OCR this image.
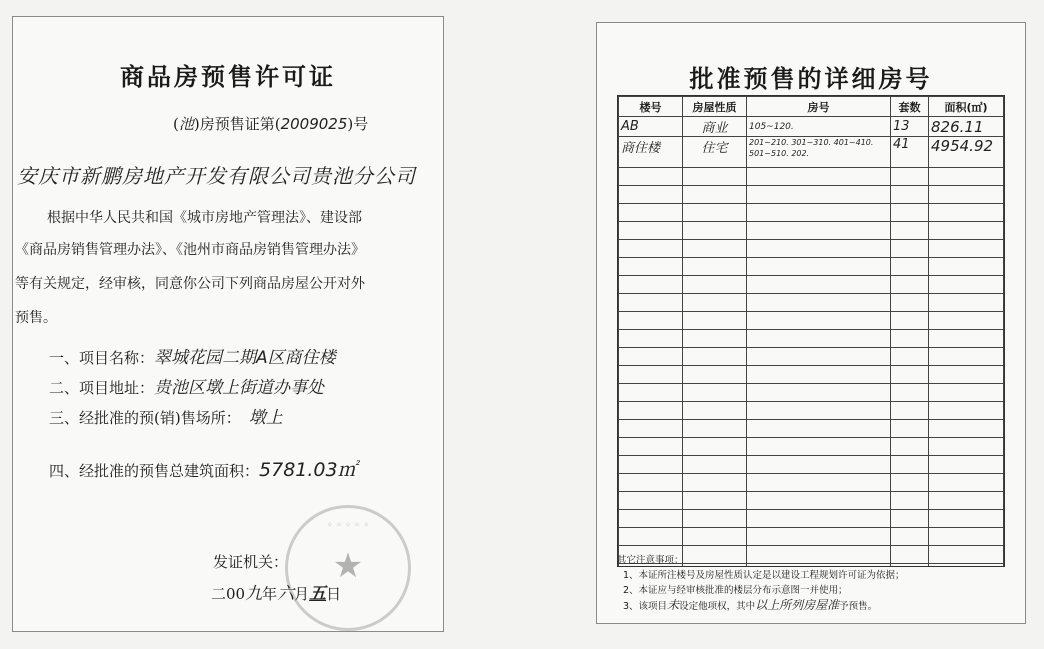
商品房预售许可证
(池)房预售证第(2009025)号
安庆市新鹏房地产开发有限公司贵池分公司
根据中华人民共和国《城市房地产管理法》、建设部
《商品房销售管理办法》、《池州市商品房销售管理办法》
等有关规定，经审核，同意你公司下列商品房屋公开对外
预售。
一、项目名称：翠城花园二期A区商住楼
二、项目地址：贵池区墩上街道办事处
三、经批准的预(销)售场所： 墩上
四、经批准的预售总建筑面积：5781.03㎡
◦ ◦ ◦ ◦ ◦
★
发证机关：
二00九年六月五日
批准预售的详细房号
楼号	房屋性质	房号	套数	面积(㎡)
AB	商业	105~120.	13	826.11
商住楼	住宅	201~210. 301~310. 401~410. 501~510. 202.	41	4954.92

其它注意事项：
1、本证所注楼号及房屋性质认定是以建设工程规划许可证为依据；
2、本证应与经审核批准的楼层分布示意图一并使用；
3、该项目未设定他项权，其中以上所列房屋准予预售。
